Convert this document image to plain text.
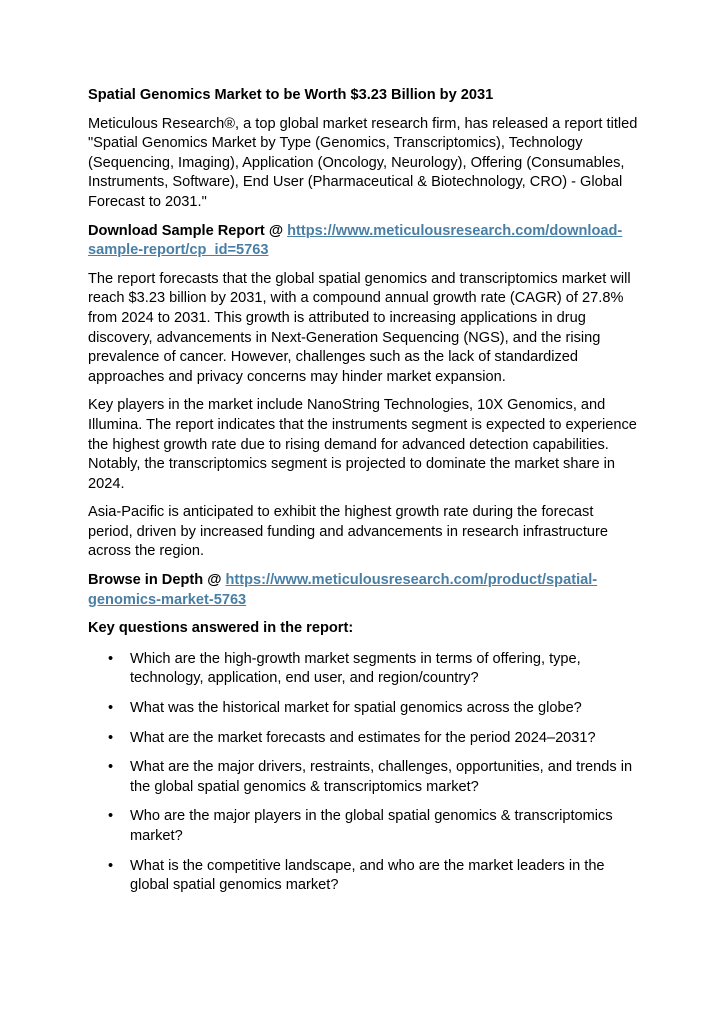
Spatial Genomics Market to be Worth $3.23 Billion by 2031

Meticulous Research®, a top global market research firm, has released a report titled "Spatial Genomics Market by Type (Genomics, Transcriptomics), Technology (Sequencing, Imaging), Application (Oncology, Neurology), Offering (Consumables, Instruments, Software), End User (Pharmaceutical & Biotechnology, CRO) - Global Forecast to 2031."

Download Sample Report @ https://www.meticulousresearch.com/download-sample-report/cp_id=5763

The report forecasts that the global spatial genomics and transcriptomics market will reach $3.23 billion by 2031, with a compound annual growth rate (CAGR) of 27.8% from 2024 to 2031. This growth is attributed to increasing applications in drug discovery, advancements in Next-Generation Sequencing (NGS), and the rising prevalence of cancer. However, challenges such as the lack of standardized approaches and privacy concerns may hinder market expansion.

Key players in the market include NanoString Technologies, 10X Genomics, and Illumina. The report indicates that the instruments segment is expected to experience the highest growth rate due to rising demand for advanced detection capabilities. Notably, the transcriptomics segment is projected to dominate the market share in 2024.

Asia-Pacific is anticipated to exhibit the highest growth rate during the forecast period, driven by increased funding and advancements in research infrastructure across the region.

Browse in Depth @ https://www.meticulousresearch.com/product/spatial-genomics-market-5763

Key questions answered in the report:
• Which are the high-growth market segments in terms of offering, type, technology, application, end user, and region/country?
• What was the historical market for spatial genomics across the globe?
• What are the market forecasts and estimates for the period 2024–2031?
• What are the major drivers, restraints, challenges, opportunities, and trends in the global spatial genomics & transcriptomics market?
• Who are the major players in the global spatial genomics & transcriptomics market?
• What is the competitive landscape, and who are the market leaders in the global spatial genomics market?
